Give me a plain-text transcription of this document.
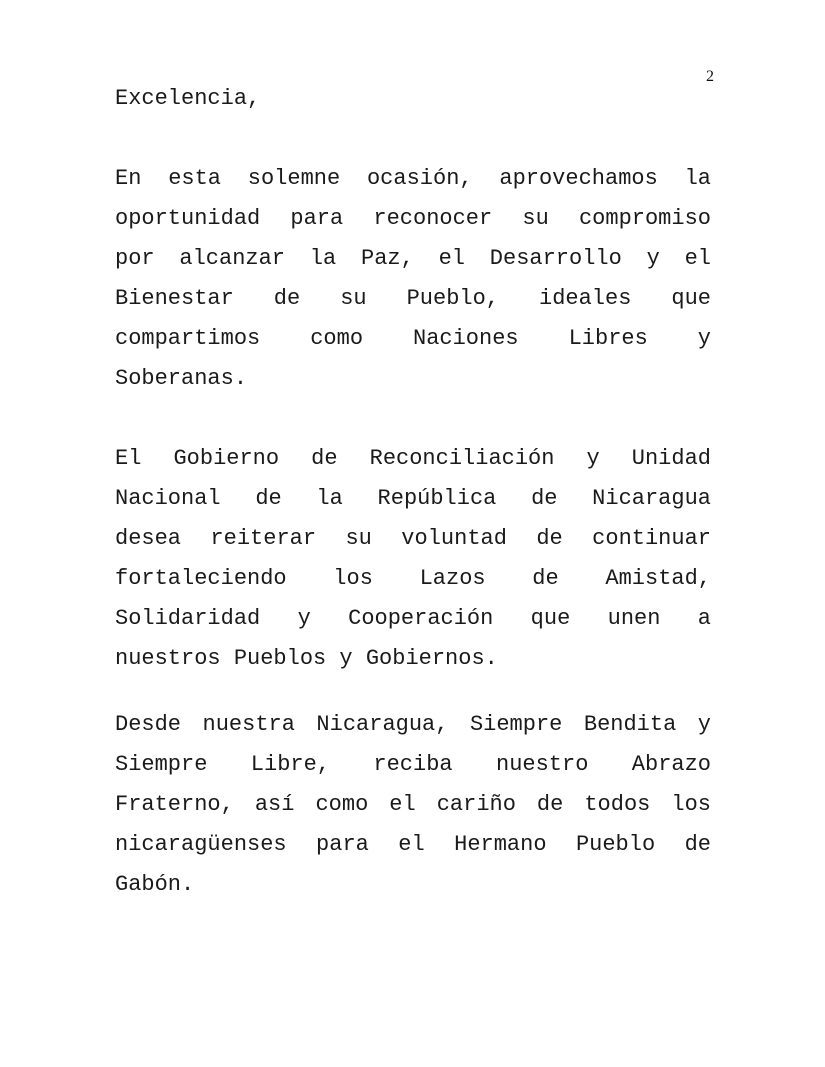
2

Excelencia,

En esta solemne ocasión, aprovechamos la
oportunidad para reconocer su compromiso
por alcanzar la Paz, el Desarrollo y el
Bienestar de su Pueblo, ideales que
compartimos como Naciones Libres y
Soberanas.

El Gobierno de Reconciliación y Unidad
Nacional de la República de Nicaragua
desea reiterar su voluntad de continuar
fortaleciendo los Lazos de Amistad,
Solidaridad y Cooperación que unen a
nuestros Pueblos y Gobiernos.

Desde nuestra Nicaragua, Siempre Bendita y
Siempre Libre, reciba nuestro Abrazo
Fraterno, así como el cariño de todos los
nicaragüenses para el Hermano Pueblo de
Gabón.
